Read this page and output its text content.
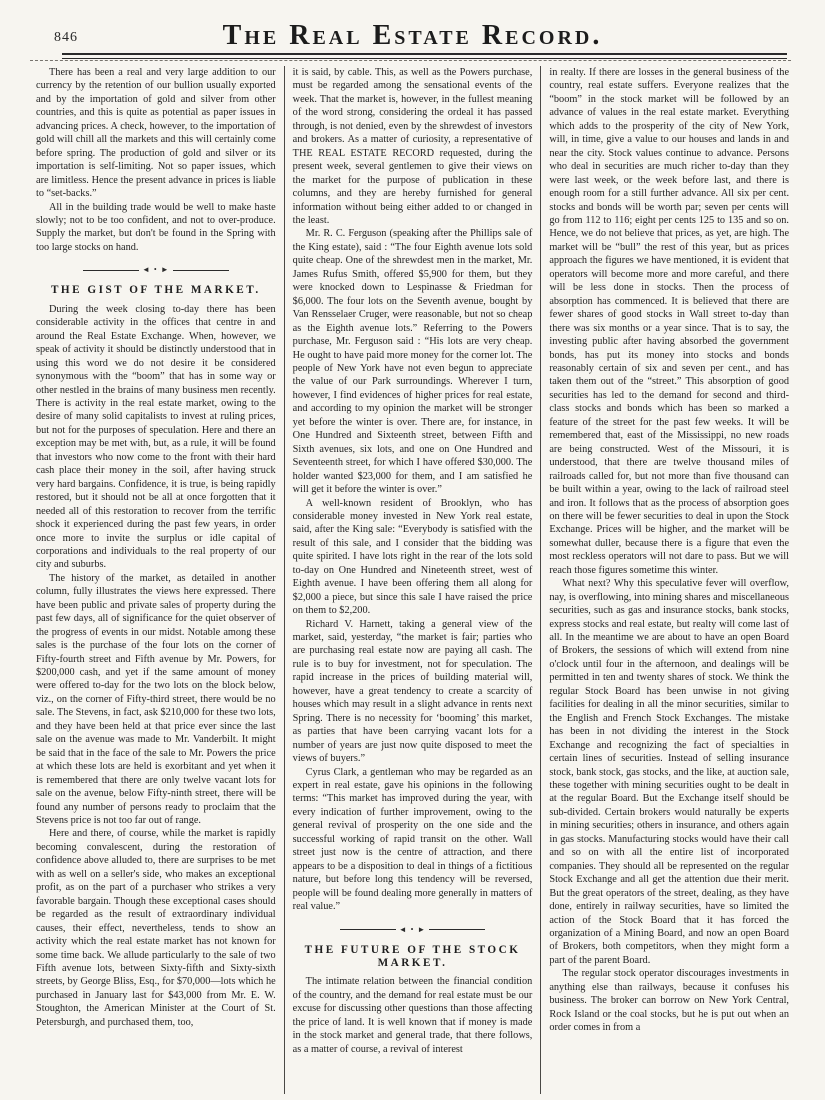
846	The Real Estate Record.

There has been a real and very large addition to our currency by the retention of our bullion usually exported and by the importation of gold and silver from other countries, and this is quite as potential as paper issues in advancing prices. A check, however, to the importation of gold will chill all the markets and this will certainly come before spring. The production of gold and silver or its importation is self-limiting. Not so paper issues, which are limitless. Hence the present advance in prices is liable to “set-backs.”

All in the building trade would be well to make haste slowly; not to be too confident, and not to over-produce. Supply the market, but don't be found in the Spring with too large stocks on hand.

◄ • ►
THE GIST OF THE MARKET.

During the week closing to-day there has been considerable activity in the offices that centre in and around the Real Estate Exchange. When, however, we speak of activity it should be distinctly understood that in using this word we do not desire it be considered synonymous with the “boom” that has in some way or other nestled in the brains of many business men recently. There is activity in the real estate market, owing to the desire of many solid capitalists to invest at ruling prices, but not for the purposes of speculation. Here and there an exception may be met with, but, as a rule, it will be found that investors who now come to the front with their hard cash place their money in the soil, after having struck very hard bargains. Confidence, it is true, is being rapidly restored, but it should not be all at once forgotten that it needed all of this restoration to recover from the terrific shock it experienced during the past few years, in order once more to invite the surplus or idle capital of corporations and individuals to the real property of our city and suburbs.

The history of the market, as detailed in another column, fully illustrates the views here expressed. There have been public and private sales of property during the past few days, all of significance for the quiet observer of the progress of events in our midst. Notable among these sales is the purchase of the four lots on the corner of Fifty-fourth street and Fifth avenue by Mr. Powers, for $200,000 cash, and yet if the same amount of money were offered to-day for the two lots on the block below, viz., on the corner of Fifty-third street, there would be no sale. The Stevens, in fact, ask $210,000 for these two lots, and they have been held at that price ever since the last sale on the avenue was made to Mr. Vanderbilt. It might be said that in the face of the sale to Mr. Powers the price at which these lots are held is exorbitant and yet when it is remembered that there are only twelve vacant lots for sale on the avenue, below Fifty-ninth street, there will be found any number of persons ready to proclaim that the Stevens price is not too far out of range.

Here and there, of course, while the market is rapidly becoming convalescent, during the restoration of confidence above alluded to, there are surprises to be met with as well on a seller's side, who makes an exceptional profit, as on the part of a purchaser who strikes a very favorable bargain. Though these exceptional cases should be regarded as the result of extraordinary individual causes, their effect, nevertheless, tends to show an activity which the real estate market has not known for some time back. We allude particularly to the sale of two Fifth avenue lots, between Sixty-fifth and Sixty-sixth streets, by George Bliss, Esq., for $70,000—lots which he purchased in January last for $43,000 from Mr. E. W. Stoughton, the American Minister at the Court of St. Petersburgh, and purchased them, too,

it is said, by cable. This, as well as the Powers purchase, must be regarded among the sensational events of the week. That the market is, however, in the fullest meaning of the word strong, considering the ordeal it has passed through, is not denied, even by the shrewdest of investors and brokers. As a matter of curiosity, a representative of THE REAL ESTATE RECORD requested, during the present week, several gentlemen to give their views on the market for the purpose of publication in these columns, and they are hereby furnished for general information without being either added to or changed in the least.

Mr. R. C. Ferguson (speaking after the Phillips sale of the King estate), said : “The four Eighth avenue lots sold quite cheap. One of the shrewdest men in the market, Mr. James Rufus Smith, offered $5,900 for them, but they were knocked down to Lespinasse & Friedman for $6,000. The four lots on the Seventh avenue, bought by Van Rensselaer Cruger, were reasonable, but not so cheap as the Eighth avenue lots.” Referring to the Powers purchase, Mr. Ferguson said : “His lots are very cheap. He ought to have paid more money for the corner lot. The people of New York have not even begun to appreciate the value of our Park surroundings. Wherever I turn, however, I find evidences of higher prices for real estate, and according to my opinion the market will be stronger yet before the winter is over. There are, for instance, in One Hundred and Sixteenth street, between Fifth and Sixth avenues, six lots, and one on One Hundred and Seventeenth street, for which I have offered $30,000. The holder wanted $23,000 for them, and I am satisfied he will get it before the winter is over.”

A well-known resident of Brooklyn, who has considerable money invested in New York real estate, said, after the King sale: “Everybody is satisfied with the result of this sale, and I consider that the bidding was quite spirited. I have lots right in the rear of the lots sold to-day on One Hundred and Nineteenth street, west of Eighth avenue. I have been offering them all along for $2,000 a piece, but since this sale I have raised the price on them to $2,200.

Richard V. Harnett, taking a general view of the market, said, yesterday, “the market is fair; parties who are purchasing real estate now are paying all cash. The rule is to buy for investment, not for speculation. The rapid increase in the prices of building material will, however, have a great tendency to create a scarcity of houses which may result in a slight advance in rents next Spring. There is no necessity for ‘booming’ this market, as parties that have been carrying vacant lots for a number of years are just now quite disposed to meet the views of buyers.”

Cyrus Clark, a gentleman who may be regarded as an expert in real estate, gave his opinions in the following terms: “This market has improved during the year, with every indication of further improvement, owing to the general revival of prosperity on the one side and the successful working of rapid transit on the other. Wall street just now is the centre of attraction, and there appears to be a disposition to deal in things of a fictitious nature, but before long this tendency will be reversed, people will be found dealing more generally in matters of real value.”

◄ • ►
THE FUTURE OF THE STOCK MARKET.

The intimate relation between the financial condition of the country, and the demand for real estate must be our excuse for discussing other questions than those affecting the price of land. It is well known that if money is made in the stock market and general trade, that there follows, as a matter of course, a revival of interest

in realty. If there are losses in the general business of the country, real estate suffers. Everyone realizes that the “boom” in the stock market will be followed by an advance of values in the real estate market. Everything which adds to the prosperity of the city of New York, will, in time, give a value to our houses and lands in and near the city. Stock values continue to advance. Persons who deal in securities are much richer to-day than they were last week, or the week before last, and there is enough room for a still further advance. All six per cent. stocks and bonds will be worth par; seven per cents will go from 112 to 116; eight per cents 125 to 135 and so on. Hence, we do not believe that prices, as yet, are high. The market will be “bull” the rest of this year, but as prices approach the figures we have mentioned, it is evident that operators will become more and more careful, and there will be less done in stocks. Then the process of absorption has commenced. It is believed that there are fewer shares of good stocks in Wall street to-day than there was six months or a year since. That is to say, the investing public after having absorbed the government bonds, has put its money into stocks and bonds reasonably certain of six and seven per cent., and has taken them out of the “street.” This absorption of good securities has led to the demand for second and third-class stocks and bonds which has been so marked a feature of the street for the past few weeks. It will be remembered that, east of the Mississippi, no new roads are being constructed. West of the Missouri, it is understood, that there are twelve thousand miles of railroads called for, but not more than five thousand can be built within a year, owing to the lack of railroad steel and iron. It follows that as the process of absorption goes on there will be fewer securities to deal in upon the Stock Exchange. Prices will be higher, and the market will be somewhat duller, because there is a figure that even the most reckless operators will not dare to pass. But we will reach those figures sometime this winter.

What next? Why this speculative fever will overflow, nay, is overflowing, into mining shares and miscellaneous securities, such as gas and insurance stocks, bank stocks, express stocks and real estate, but realty will come last of all. In the meantime we are about to have an open Board of Brokers, the sessions of which will extend from nine o'clock until four in the afternoon, and dealings will be permitted in ten and twenty shares of stock. We think the regular Stock Board has been unwise in not giving facilities for dealing in all the minor securities, similar to the English and French Stock Exchanges. The mistake has been in not dividing the interest in the Stock Exchange and recognizing the fact of specialties in certain lines of securities. Instead of selling insurance stock, bank stock, gas stocks, and the like, at auction sale, these together with mining securities ought to be dealt in at the regular Board. But the Exchange itself should be sub-divided. Certain brokers would naturally be experts in mining securities; others in insurance, and others again in gas stocks. Manufacturing stocks would have their call and so on with all the entire list of incorporated companies. They should all be represented on the regular Stock Exchange and all get the attention due their merit. But the great operators of the street, dealing, as they have done, entirely in railway securities, have so limited the action of the Stock Board that it has forced the organization of a Mining Board, and now an open Board of Brokers, both competitors, when they might form a part of the parent Board.

The regular stock operator discourages investments in anything else than railways, because it confuses his business. The broker can borrow on New York Central, Rock Island or the coal stocks, but he is put out when an order comes in from a
